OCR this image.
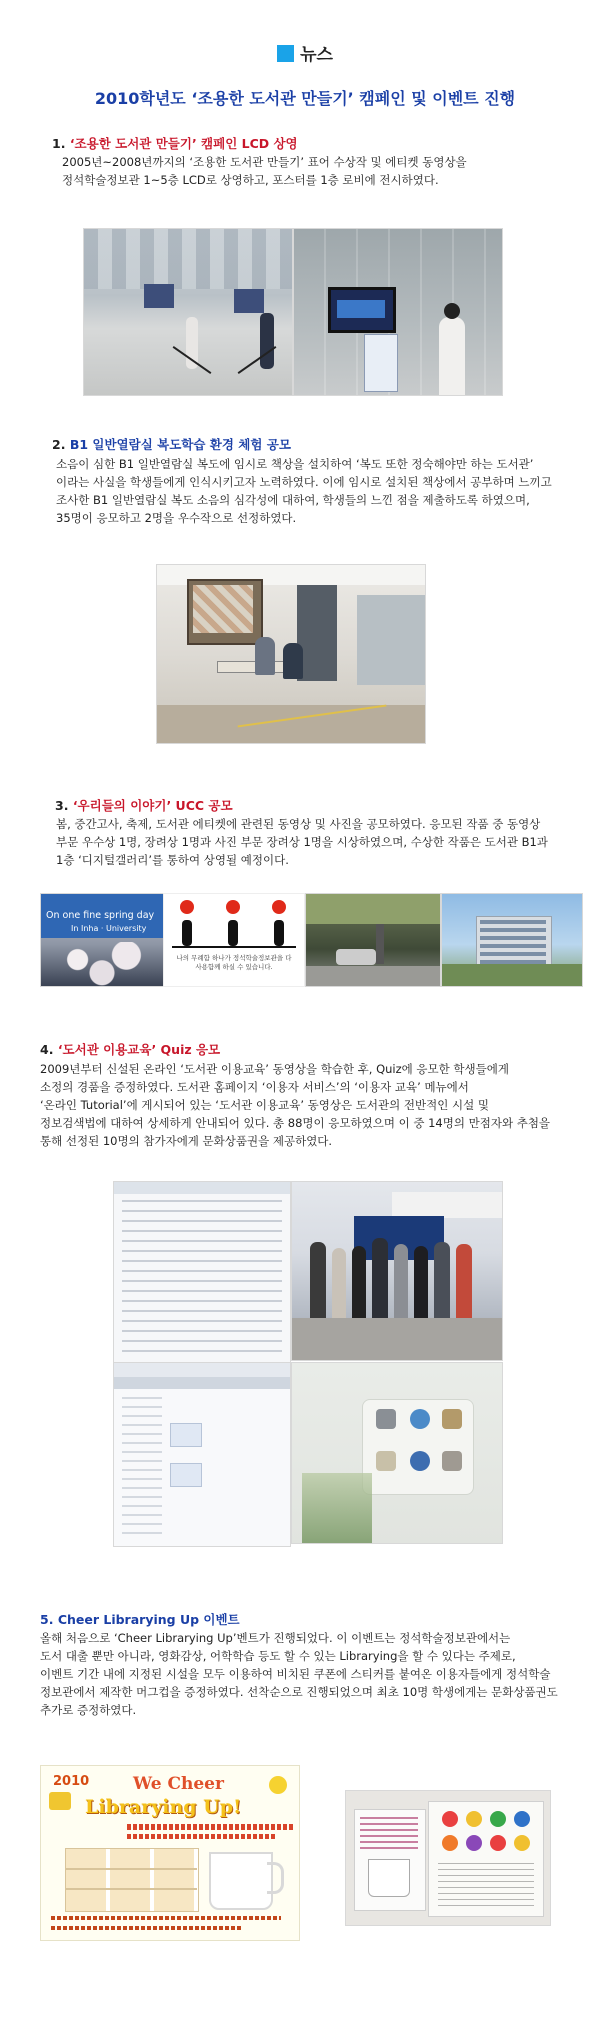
뉴스
2010학년도 ‘조용한 도서관 만들기’ 캠페인 및 이벤트 진행
1. ‘조용한 도서관 만들기’ 캠페인 LCD 상영
2005년~2008년까지의 ‘조용한 도서관 만들기’ 표어 수상작 및 에티켓 동영상을
정석학술정보관 1~5층 LCD로 상영하고, 포스터를 1층 로비에 전시하였다.
2. B1 일반열람실 복도학습 환경 체험 공모
소음이 심한 B1 일반열람실 복도에 임시로 책상을 설치하여 ‘복도 또한 정숙해야만 하는 도서관’
이라는 사실을 학생들에게 인식시키고자 노력하였다. 이에 임시로 설치된 책상에서 공부하며 느끼고
조사한 B1 일반열람실 복도 소음의 심각성에 대하여, 학생들의 느낀 점을 제출하도록 하였으며,
35명이 응모하고 2명을 우수작으로 선정하였다.
3. ‘우리들의 이야기’ UCC 공모
봄, 중간고사, 축제, 도서관 에티켓에 관련된 동영상 및 사진을 공모하였다. 응모된 작품 중 동영상
부문 우수상 1명, 장려상 1명과 사진 부문 장려상 1명을 시상하였으며, 수상한 작품은 도서관 B1과
1층 ‘디지털갤러리’를 통하여 상영될 예정이다.
On one fine spring day
In Inha · University
나의 무례함 하나가 정석학술정보관을 다 사용함께 하실 수 있습니다.
4. ‘도서관 이용교육’ Quiz 응모
2009년부터 신설된 온라인 ‘도서관 이용교육’ 동영상을 학습한 후, Quiz에 응모한 학생들에게
소정의 경품을 증정하였다. 도서관 홈페이지 ‘이용자 서비스’의 ‘이용자 교육’ 메뉴에서
‘온라인 Tutorial’에 게시되어 있는 ‘도서관 이용교육’ 동영상은 도서관의 전반적인 시설 및
정보검색법에 대하여 상세하게 안내되어 있다. 총 88명이 응모하였으며 이 중 14명의 만점자와 추첨을
통해 선정된 10명의 참가자에게 문화상품권을 제공하였다.
5. Cheer Librarying Up 이벤트
올해 처음으로 ‘Cheer Librarying Up’벤트가 진행되었다. 이 이벤트는 정석학술정보관에서는
도서 대출 뿐만 아니라, 영화감상, 어학학습 등도 할 수 있는 Librarying을 할 수 있다는 주제로,
이벤트 기간 내에 지정된 시설을 모두 이용하여 비치된 쿠폰에 스티커를 붙여온 이용자들에게 정석학술
정보관에서 제작한 머그컵을 증정하였다. 선착순으로 진행되었으며 최초 10명 학생에게는 문화상품권도
추가로 증정하였다.
2010	We Cheer
Librarying Up!
